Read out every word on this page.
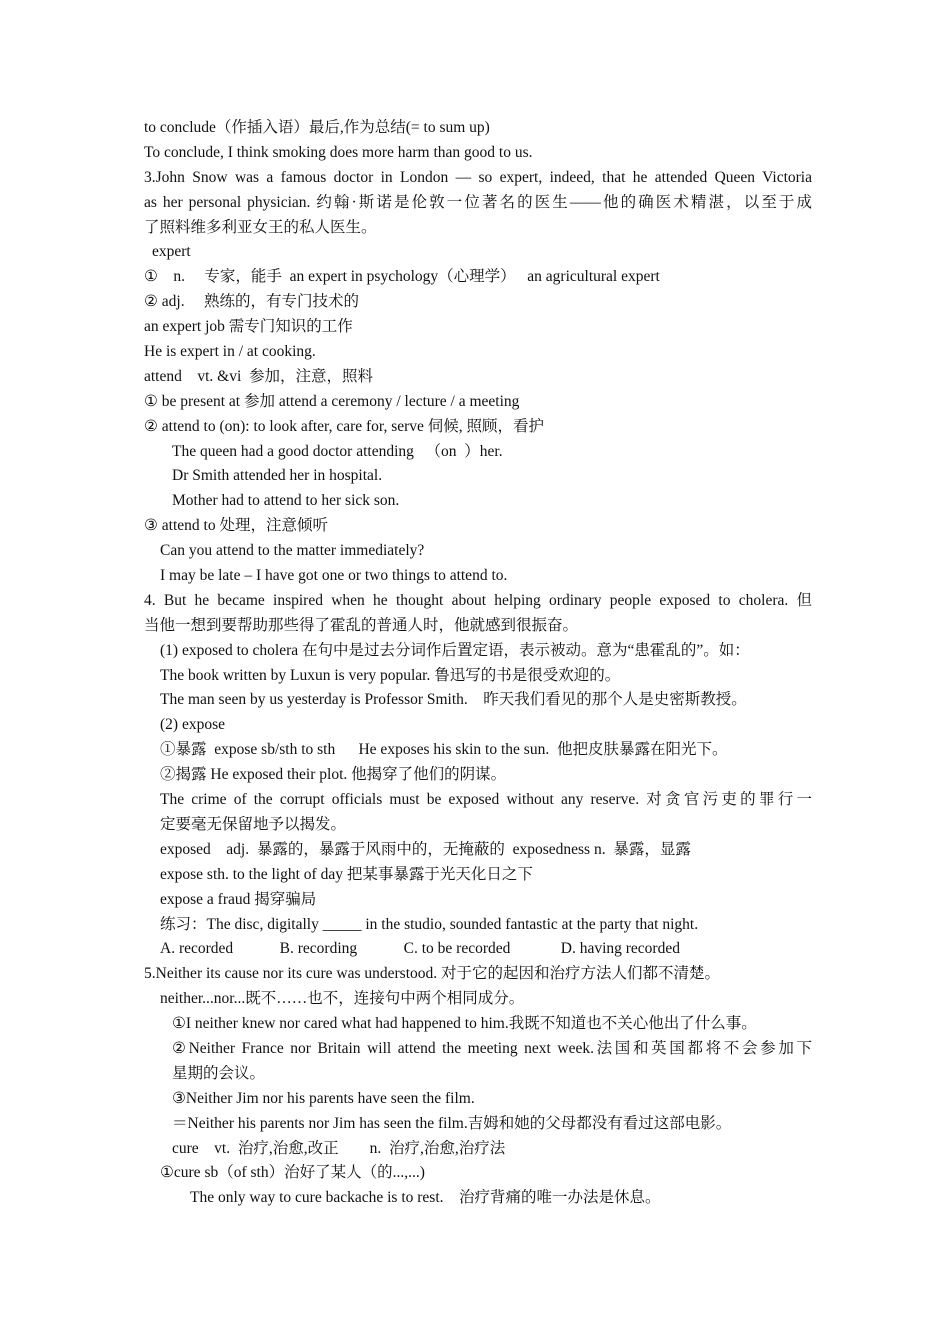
to conclude（作插入语）最后,作为总结(= to sum up)
To conclude, I think smoking does more harm than good to us.
3.John Snow was a famous doctor in London — so expert, indeed, that he attended Queen Victoria
as her personal physician. 约翰·斯诺是伦敦一位著名的医生——他的确医术精湛，以至于成
了照料维多利亚女王的私人医生。
expert
①    n.     专家，能手  an expert in psychology（心理学）   an agricultural expert
② adj.     熟练的，有专门技术的
an expert job 需专门知识的工作
He is expert in / at cooking.
attend    vt. &vi  参加，注意，照料
① be present at 参加 attend a ceremony / lecture / a meeting
② attend to (on): to look after, care for, serve 伺候, 照顾，看护
The queen had a good doctor attending   （on  ）her.
Dr Smith attended her in hospital.
Mother had to attend to her sick son.
③ attend to 处理，注意倾听
Can you attend to the matter immediately?
I may be late – I have got one or two things to attend to.
4. But he became inspired when he thought about helping ordinary people exposed to cholera. 但
当他一想到要帮助那些得了霍乱的普通人时，他就感到很振奋。
(1) exposed to cholera 在句中是过去分词作后置定语，表示被动。意为“患霍乱的”。如：
The book written by Luxun is very popular. 鲁迅写的书是很受欢迎的。
The man seen by us yesterday is Professor Smith.    昨天我们看见的那个人是史密斯教授。
(2) expose
①暴露  expose sb/sth to sth      He exposes his skin to the sun.  他把皮肤暴露在阳光下。
②揭露 He exposed their plot. 他揭穿了他们的阴谋。
The crime of the corrupt officials must be exposed without any reserve. 对贪官污吏的罪行一
定要毫无保留地予以揭发。
exposed    adj.  暴露的，暴露于风雨中的，无掩蔽的  exposedness n.  暴露，显露
expose sth. to the light of day 把某事暴露于光天化日之下
expose a fraud 揭穿骗局
练习：The disc, digitally _____ in the studio, sounded fantastic at the party that night.
A. recorded            B. recording            C. to be recorded             D. having recorded
5.Neither its cause nor its cure was understood. 对于它的起因和治疗方法人们都不清楚。
neither...nor...既不……也不，连接句中两个相同成分。
①I neither knew nor cared what had happened to him.我既不知道也不关心他出了什么事。
②Neither France nor Britain will attend the meeting next week.法国和英国都将不会参加下
星期的会议。
③Neither Jim nor his parents have seen the film.
＝Neither his parents nor Jim has seen the film.吉姆和她的父母都没有看过这部电影。
cure    vt.  治疗,治愈,改正        n.  治疗,治愈,治疗法
①cure sb（of sth）治好了某人（的...,...)
The only way to cure backache is to rest.    治疗背痛的唯一办法是休息。
